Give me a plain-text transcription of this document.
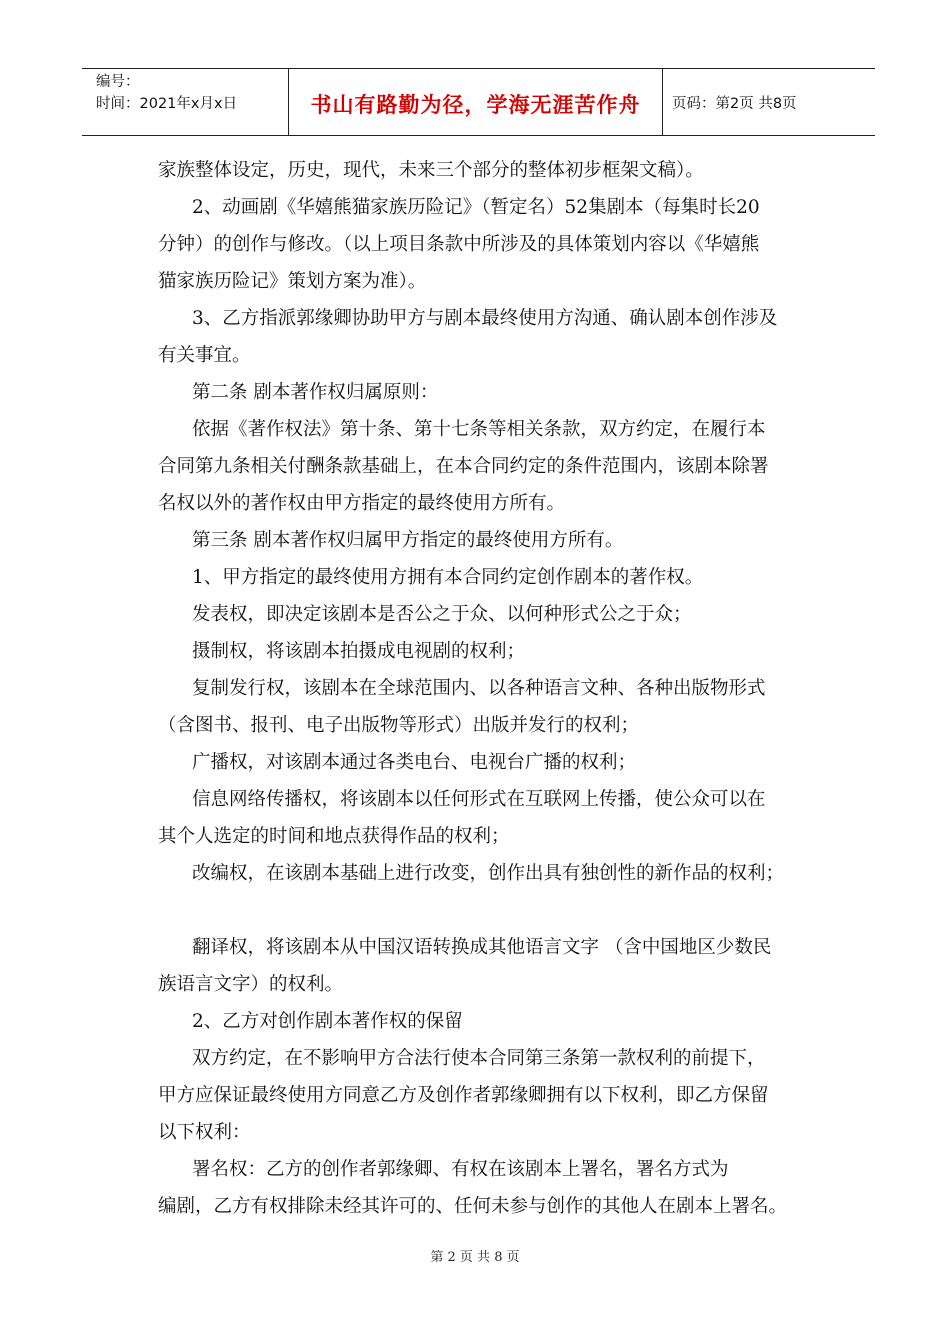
编号：
时间：2021年x月x日	书山有路勤为径，学海无涯苦作舟 页码：第2页 共8页
家族整体设定，历史，现代，未来三个部分的整体初步框架文稿）。
2、动画剧《华嬉熊猫家族历险记》（暂定名）52集剧本（每集时长20
分钟）的创作与修改。（以上项目条款中所涉及的具体策划内容以《华嬉熊
猫家族历险记》策划方案为准）。
3、乙方指派郭缘卿协助甲方与剧本最终使用方沟通、确认剧本创作涉及
有关事宜。
第二条 剧本著作权归属原则：
依据《著作权法》第十条、第十七条等相关条款，双方约定，在履行本
合同第九条相关付酬条款基础上，在本合同约定的条件范围内，该剧本除署
名权以外的著作权由甲方指定的最终使用方所有。
第三条 剧本著作权归属甲方指定的最终使用方所有。
1、甲方指定的最终使用方拥有本合同约定创作剧本的著作权。
发表权，即决定该剧本是否公之于众、以何种形式公之于众；
摄制权，将该剧本拍摄成电视剧的权利；
复制发行权，该剧本在全球范围内、以各种语言文种、各种出版物形式
（含图书、报刊、电子出版物等形式）出版并发行的权利；
广播权，对该剧本通过各类电台、电视台广播的权利；
信息网络传播权，将该剧本以任何形式在互联网上传播，使公众可以在
其个人选定的时间和地点获得作品的权利；
改编权，在该剧本基础上进行改变，创作出具有独创性的新作品的权利；
翻译权，将该剧本从中国汉语转换成其他语言文字 （含中国地区少数民
族语言文字）的权利。
2、乙方对创作剧本著作权的保留
双方约定，在不影响甲方合法行使本合同第三条第一款权利的前提下，
甲方应保证最终使用方同意乙方及创作者郭缘卿拥有以下权利，即乙方保留
以下权利：
署名权：乙方的创作者郭缘卿、有权在该剧本上署名，署名方式为
编剧，乙方有权排除未经其许可的、任何未参与创作的其他人在剧本上署名。
第 2 页 共 8 页
